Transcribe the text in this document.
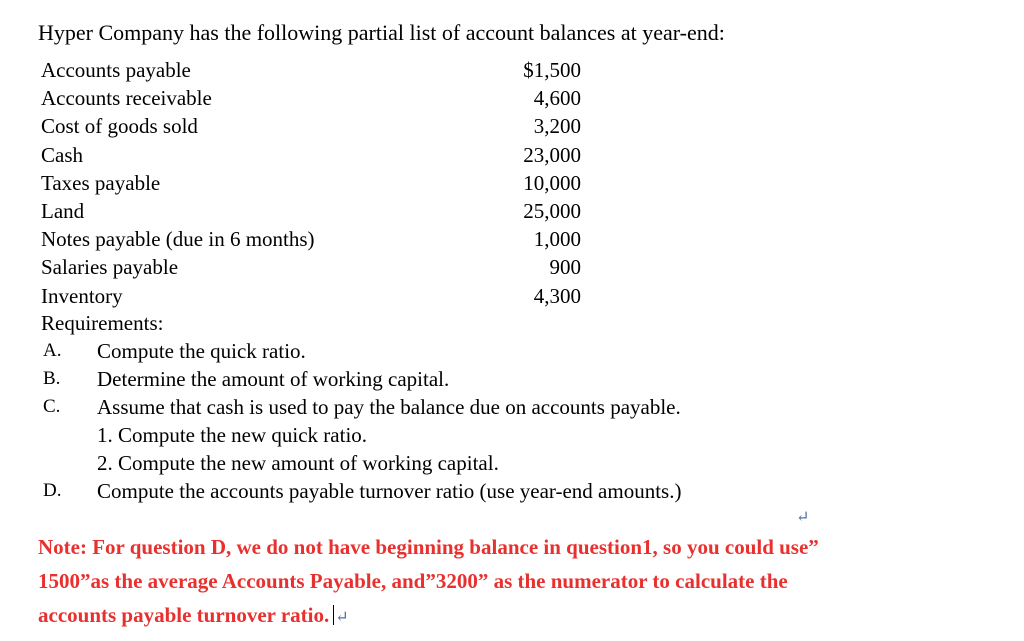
Hyper Company has the following partial list of account balances at year-end:
Accounts payable	$1,500
Accounts receivable	4,600
Cost of goods sold	3,200
Cash	23,000
Taxes payable	10,000
Land	25,000
Notes payable (due in 6 months)	1,000
Salaries payable	900
Inventory	4,300
Requirements:
A. Compute the quick ratio.
B. Determine the amount of working capital.
C. Assume that cash is used to pay the balance due on accounts payable.
1. Compute the new quick ratio.
2. Compute the new amount of working capital.
D. Compute the accounts payable turnover ratio (use year-end amounts.)
↵
Note: For question D, we do not have beginning balance in question1, so you could use”
1500”as the average Accounts Payable, and”3200” as the numerator to calculate the
accounts payable turnover ratio. ↵
